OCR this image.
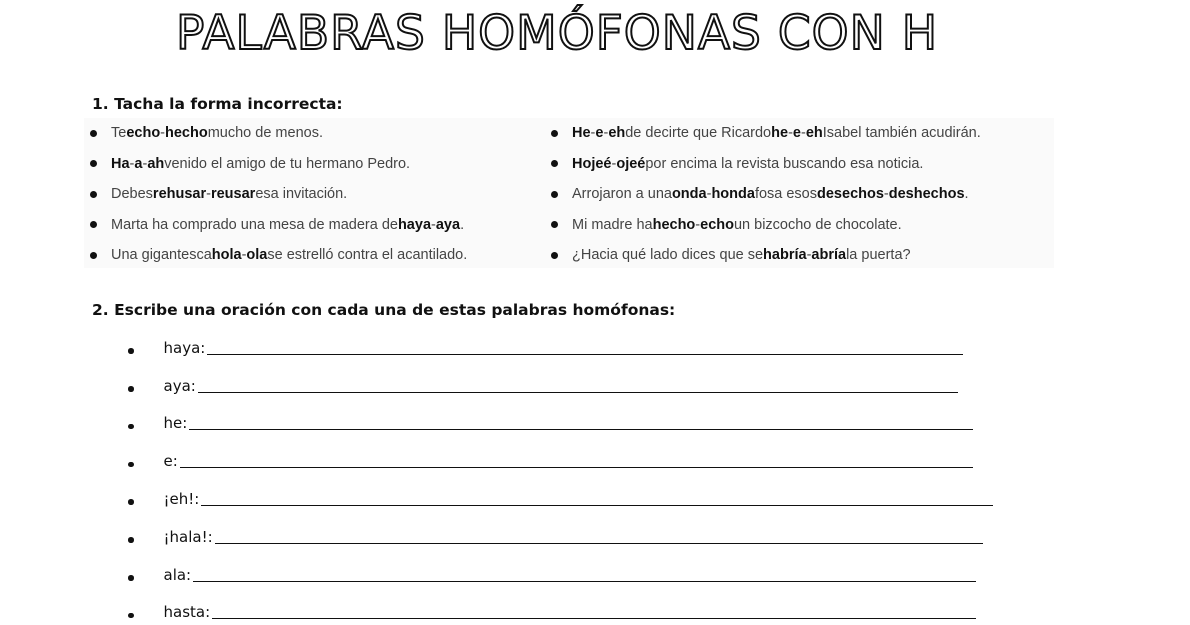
PALABRAS HOMÓFONAS CON H
1. Tacha la forma incorrecta:
Te echo - hecho mucho de menos.
Ha - a - ah venido el amigo de tu hermano Pedro.
Debes rehusar - reusar esa invitación.
Marta ha comprado una mesa de madera de haya - aya .
Una gigantesca hola - ola se estrelló contra el acantilado.
He - e - eh de decirte que Ricardo he - e - eh Isabel también acudirán.
Hojeé - ojeé por encima la revista buscando esa noticia.
Arrojaron a una onda - honda fosa esos desechos - deshechos .
Mi madre ha hecho - echo un bizcocho de chocolate.
¿Hacia qué lado dices que se habría - abría la puerta?
2. Escribe una oración con cada una de estas palabras homófonas:
haya:
aya:
he:
e:
¡eh!:
¡hala!:
ala:
hasta:
